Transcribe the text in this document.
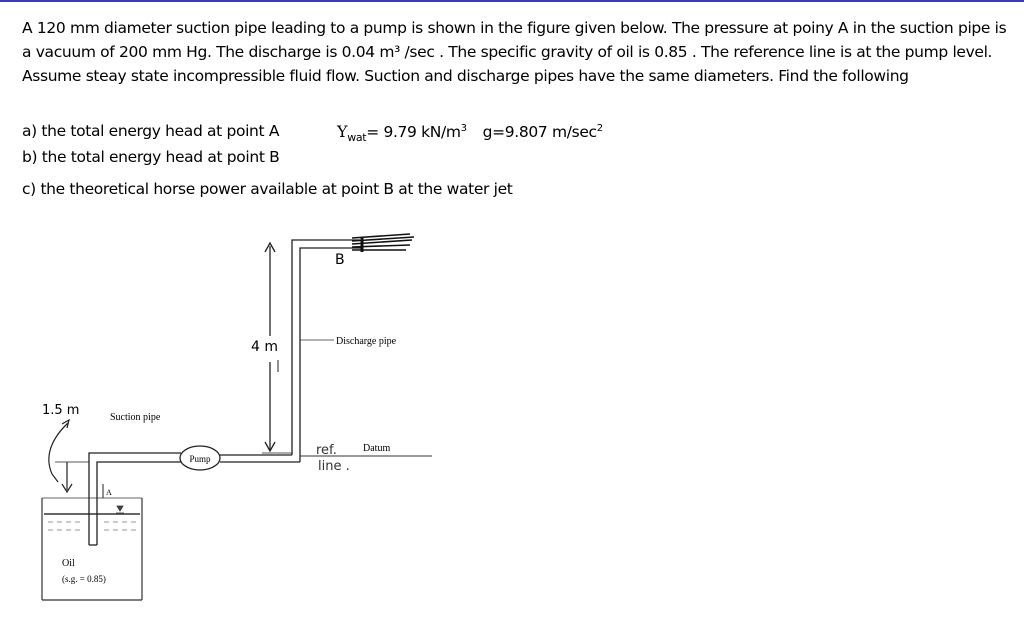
A 120 mm diameter suction pipe leading to a pump is shown in the figure given below. The pressure at poiny A in the suction pipe is a vacuum of 200 mm Hg. The discharge is 0.04 m³ /sec . The specific gravity of oil is 0.85 . The reference line is at the pump level. Assume steay state incompressible fluid flow. Suction and discharge pipes have the same diameters. Find the following

a) the total energy head at point A
b) the total energy head at point B
c) the theoretical horse power available at point B at the water jet
$Y_{wat}= 9.79$ $kN/m^3$ g=9.807 $m/\sec^2$
B
4 m	Discharge pipe
1.5 m	Suction pipe
Pump
ref.
line .
Datum
A
Oil
(s.g. = 0.85)
